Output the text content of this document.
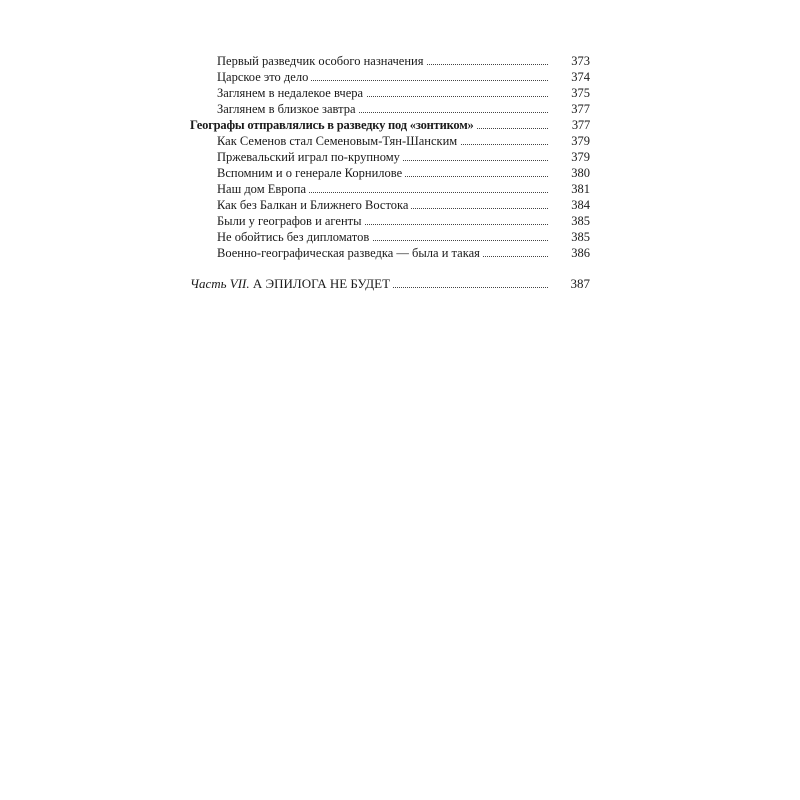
Первый разведчик особого назначения	373
Царское это дело	374
Заглянем в недалекое вчера	375
Заглянем в близкое завтра	377
Географы отправлялись в разведку под «зонтиком»	377
Как Семенов стал Семеновым-Тян-Шанским	379
Пржевальский играл по-крупному	379
Вспомним и о генерале Корнилове	380
Наш дом Европа	381
Как без Балкан и Ближнего Востока	384
Были у географов и агенты	385
Не обойтись без дипломатов	385
Военно-географическая разведка — была и такая	386
Часть VII. А ЭПИЛОГА НЕ БУДЕТ	387
